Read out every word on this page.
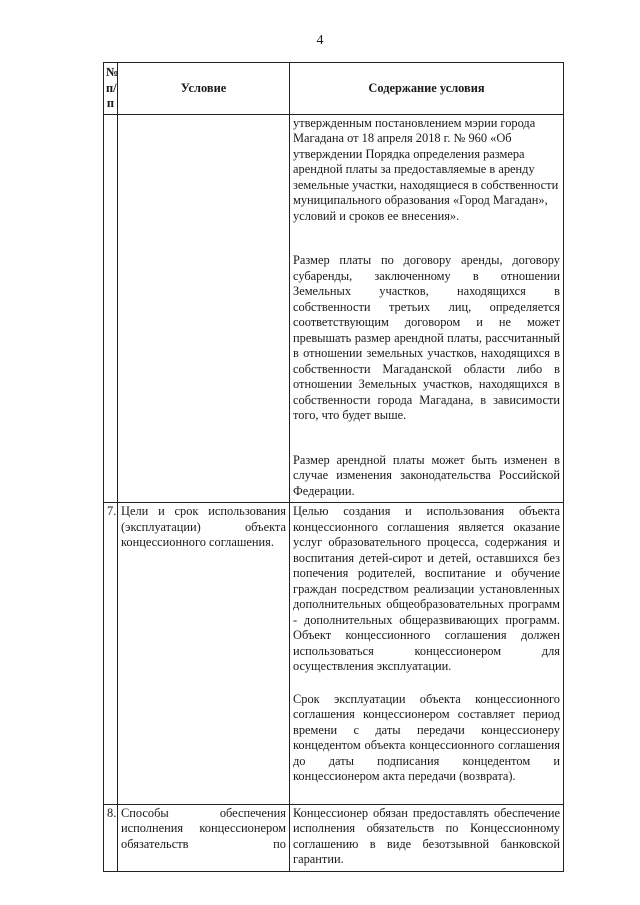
4
№
п/п	Условие	Содержание условия

		утвержденным постановлением мэрии города Магадана от 18 апреля 2018 г. № 960 «Об утверждении Порядка определения размера арендной платы за предоставляемые в аренду земельные участки, находящиеся в собственности муниципального образования «Город Магадан», условий и сроков ее внесения».

Размер платы по договору аренды, договору субаренды, заключенному в отношении Земельных участков, находящихся в собственности третьих лиц, определяется соответствующим договором и не может превышать размер арендной платы, рассчитанный в отношении земельных участков, находящихся в собственности Магаданской области либо в отношении Земельных участков, находящихся в собственности города Магадана, в зависимости того, что будет выше.

Размер арендной платы может быть изменен в случае изменения законодательства Российской Федерации.

7.	Цели и срок использования (эксплуатации) объекта концессионного соглашения.	Целью создания и использования объекта концессионного соглашения является оказание услуг образовательного процесса, содержания и воспитания детей-сирот и детей, оставшихся без попечения родителей, воспитание и обучение граждан посредством реализации установленных дополнительных общеобразовательных программ - дополнительных общеразвивающих программ. Объект концессионного соглашения должен использоваться концессионером для осуществления эксплуатации.

Срок эксплуатации объекта концессионного соглашения концессионером составляет период времени с даты передачи концессионеру концедентом объекта концессионного соглашения до даты подписания концедентом и концессионером акта передачи (возврата).

8.	Способы обеспечения исполнения концессионером обязательств по	Концессионер обязан предоставлять обеспечение исполнения обязательств по Концессионному соглашению в виде безотзывной банковской гарантии.
